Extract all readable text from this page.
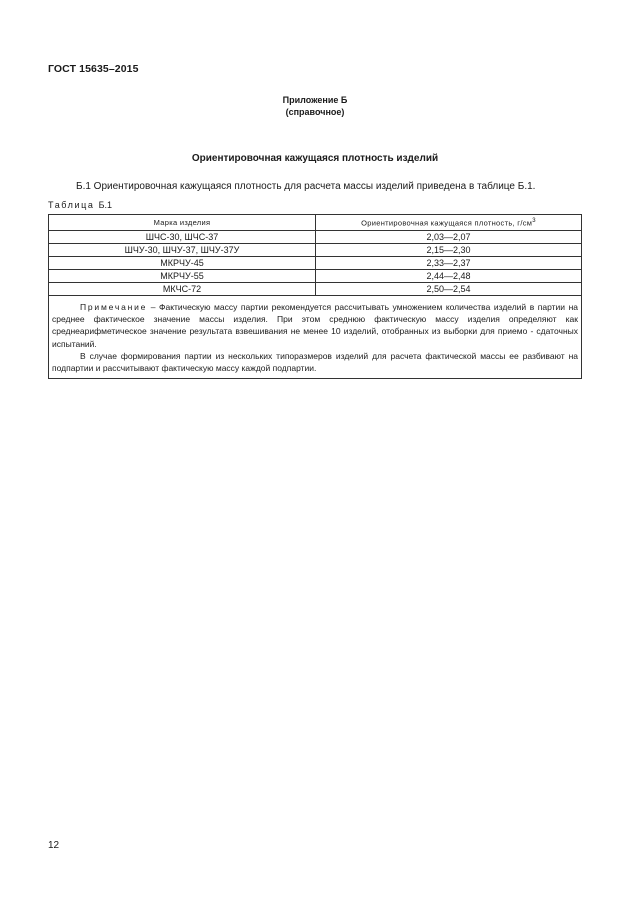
ГОСТ 15635–2015
Приложение Б
(справочное)
Ориентировочная кажущаяся плотность изделий
Б.1 Ориентировочная кажущаяся плотность для расчета массы изделий приведена в таблице Б.1.
Таблица Б.1
Марка изделия	Ориентировочная кажущаяся плотность, $г/см^3$
ШЧС-30, ШЧС-37	2,03—2,07
ШЧУ-30, ШЧУ-37, ШЧУ-37У	2,15—2,30
МКРЧУ-45	2,33—2,37
МКРЧУ-55	2,44—2,48
МКЧС-72	2,50—2,54

Примечание – Фактическую массу партии рекомендуется рассчитывать умножением количества изделий в партии на среднее фактическое значение массы изделия. При этом среднюю фактическую массу изделия определяют как среднеарифметическое значение результата взвешивания не менее 10 изделий, отобранных из выборки для приемо - сдаточных испытаний.

В случае формирования партии из нескольких типоразмеров изделий для расчета фактической массы ее разбивают на подпартии и рассчитывают фактическую массу каждой подпартии.	

12
